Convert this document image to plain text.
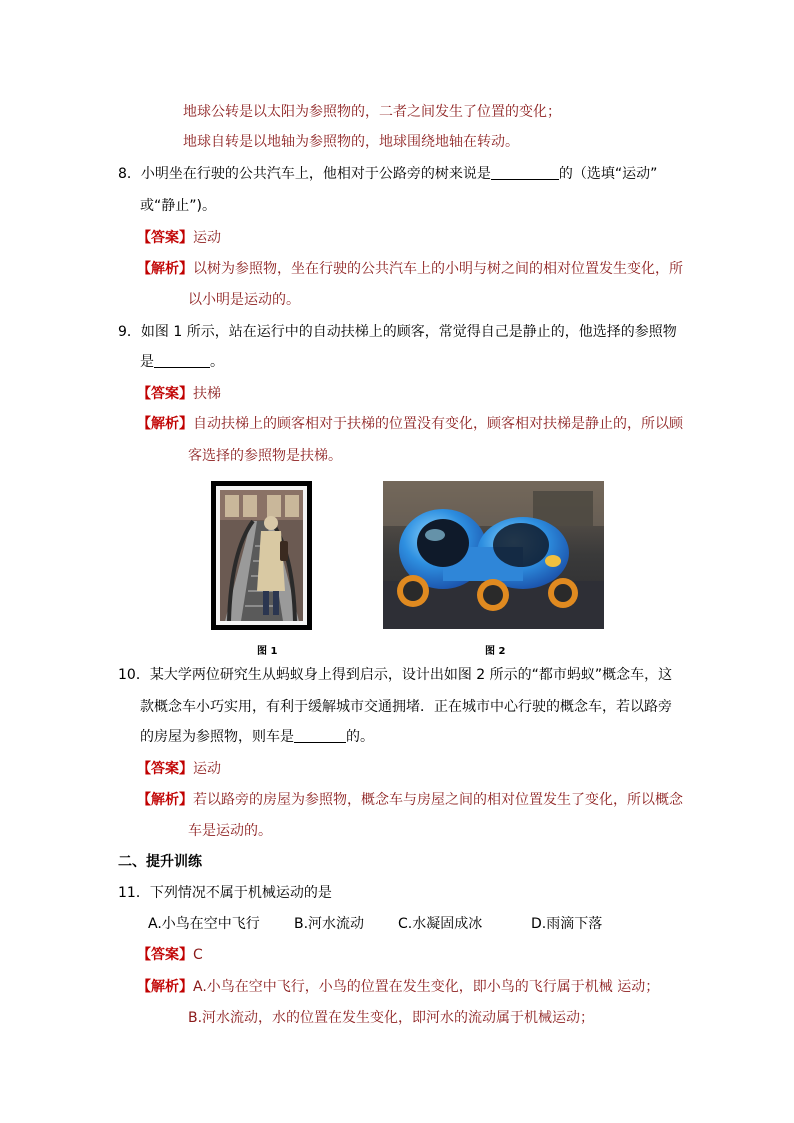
地球公转是以太阳为参照物的，二者之间发生了位置的变化；
地球自转是以地轴为参照物的，地球围绕地轴在转动。
8．小明坐在行驶的公共汽车上，他相对于公路旁的树来说是	的（选填“运动”
或“静止”)。
【答案】运动
【解析】以树为参照物，坐在行驶的公共汽车上的小明与树之间的相对位置发生变化，所
以小明是运动的。
9．如图 1 所示，站在运行中的自动扶梯上的顾客，常觉得自己是静止的，他选择的参照物
是	。
【答案】扶梯
【解析】自动扶梯上的顾客相对于扶梯的位置没有变化，顾客相对扶梯是静止的，所以顾
客选择的参照物是扶梯。
图 1	图 2
10．某大学两位研究生从蚂蚁身上得到启示，设计出如图 2 所示的“都市蚂蚁”概念车，这
款概念车小巧实用，有利于缓解城市交通拥堵．正在城市中心行驶的概念车，若以路旁
的房屋为参照物，则车是	的。
【答案】运动
【解析】若以路旁的房屋为参照物，概念车与房屋之间的相对位置发生了变化，所以概念
车是运动的。
二、提升训练
11．下列情况不属于机械运动的是
A.小鸟在空中飞行 B.河水流动 C.水凝固成冰	D.雨滴下落
【答案】C
【解析】A.小鸟在空中飞行，小鸟的位置在发生变化，即小鸟的飞行属于机械 运动；
B.河水流动，水的位置在发生变化，即河水的流动属于机械运动；
